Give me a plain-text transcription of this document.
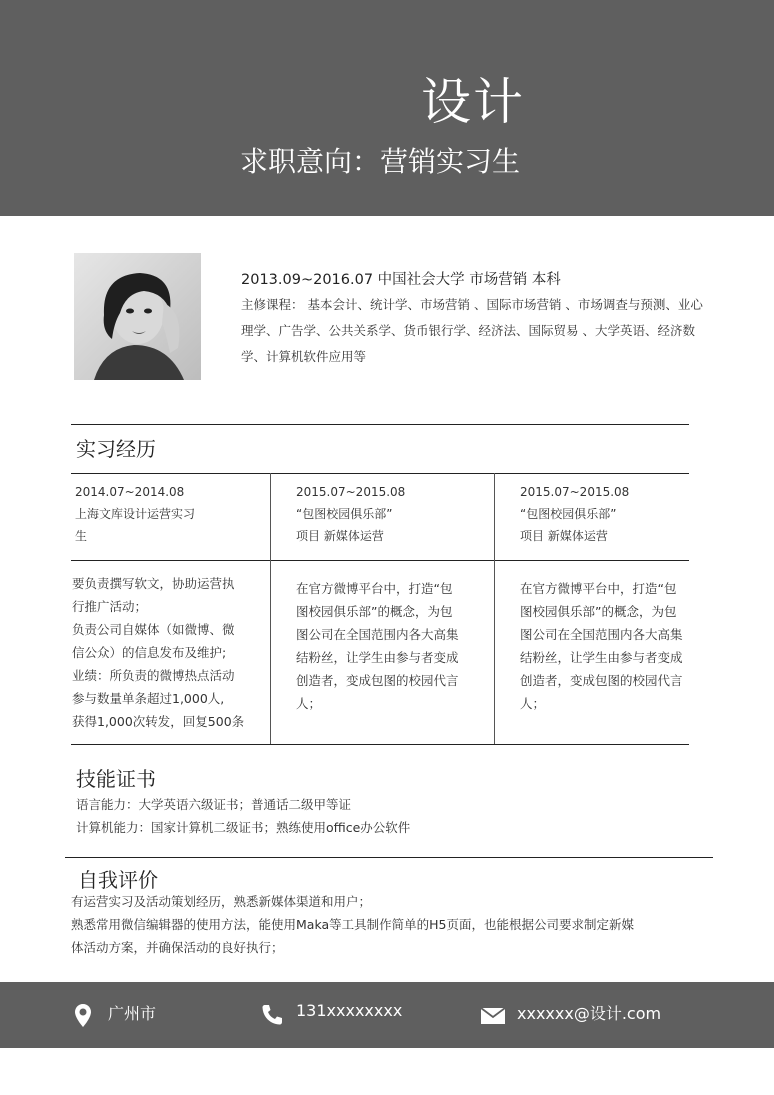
设计
求职意向：营销实习生
2013.09~2016.07 中国社会大学 市场营销 本科
主修课程： 基本会计、统计学、市场营销 、国际市场营销 、市场调查与预测、业心理学、广告学、公共关系学、货币银行学、经济法、国际贸易 、大学英语、经济数学、计算机软件应用等
实习经历
2014.07~2014.08
上海文库设计运营实习
生
要负责撰写软文，协助运营执
行推广活动；
负责公司自媒体（如微博、微
信公众）的信息发布及维护;
业绩：所负责的微博热点活动
参与数量单条超过1,000人,
获得1,000次转发，回复500条
2015.07~2015.08
“包图校园俱乐部”
项目 新媒体运营
在官方微博平台中，打造“包
图校园俱乐部”的概念，为包
图公司在全国范围内各大高集
结粉丝，让学生由参与者变成
创造者，变成包图的校园代言
人；
2015.07~2015.08
“包图校园俱乐部”
项目 新媒体运营
在官方微博平台中，打造“包
图校园俱乐部”的概念，为包
图公司在全国范围内各大高集
结粉丝，让学生由参与者变成
创造者，变成包图的校园代言
人；
技能证书
语言能力：大学英语六级证书；普通话二级甲等证
计算机能力：国家计算机二级证书；熟练使用office办公软件
自我评价
有运营实习及活动策划经历，熟悉新媒体渠道和用户；
熟悉常用微信编辑器的使用方法，能使用Maka等工具制作简单的H5页面，也能根据公司要求制定新媒
体活动方案，并确保活动的良好执行；
广州市	131xxxxxxxx	xxxxxx@设计.com
